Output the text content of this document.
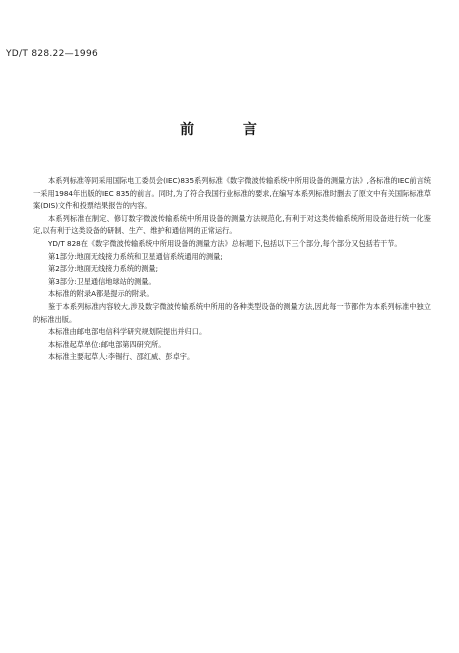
YD/T 828.22—1996
前 言

本系列标准等同采用国际电工委员会(IEC)835系列标准《数字微波传输系统中所用设备的测量方法》,各标准的IEC前言统一采用1984年出版的IEC 835的前言。同时,为了符合我国行业标准的要求,在编写本系列标准时删去了原文中有关国际标准草案(DIS)文件和投票结果报告的内容。

本系列标准在制定、修订数字微波传输系统中所用设备的测量方法规范化,有利于对这类传输系统所用设备进行统一化鉴定,以有利于这类设备的研制、生产、维护和通信网的正常运行。

YD/T 828在《数字微波传输系统中所用设备的测量方法》总标题下,包括以下三个部分,每个部分又包括若干节。

第1部分:地面无线接力系统和卫星通信系统通用的测量;

第2部分:地面无线接力系统的测量;

第3部分:卫星通信地球站的测量。

本标准的附录A都是提示的附录。

鉴于本系列标准内容较大,涉及数字微波传输系统中所用的各种类型设备的测量方法,因此每一节都作为本系列标准中独立的标准出版。

本标准由邮电部电信科学研究规划院提出并归口。

本标准起草单位:邮电部第四研究所。

本标准主要起草人:李锡行、邵红威、彭卓宇。
